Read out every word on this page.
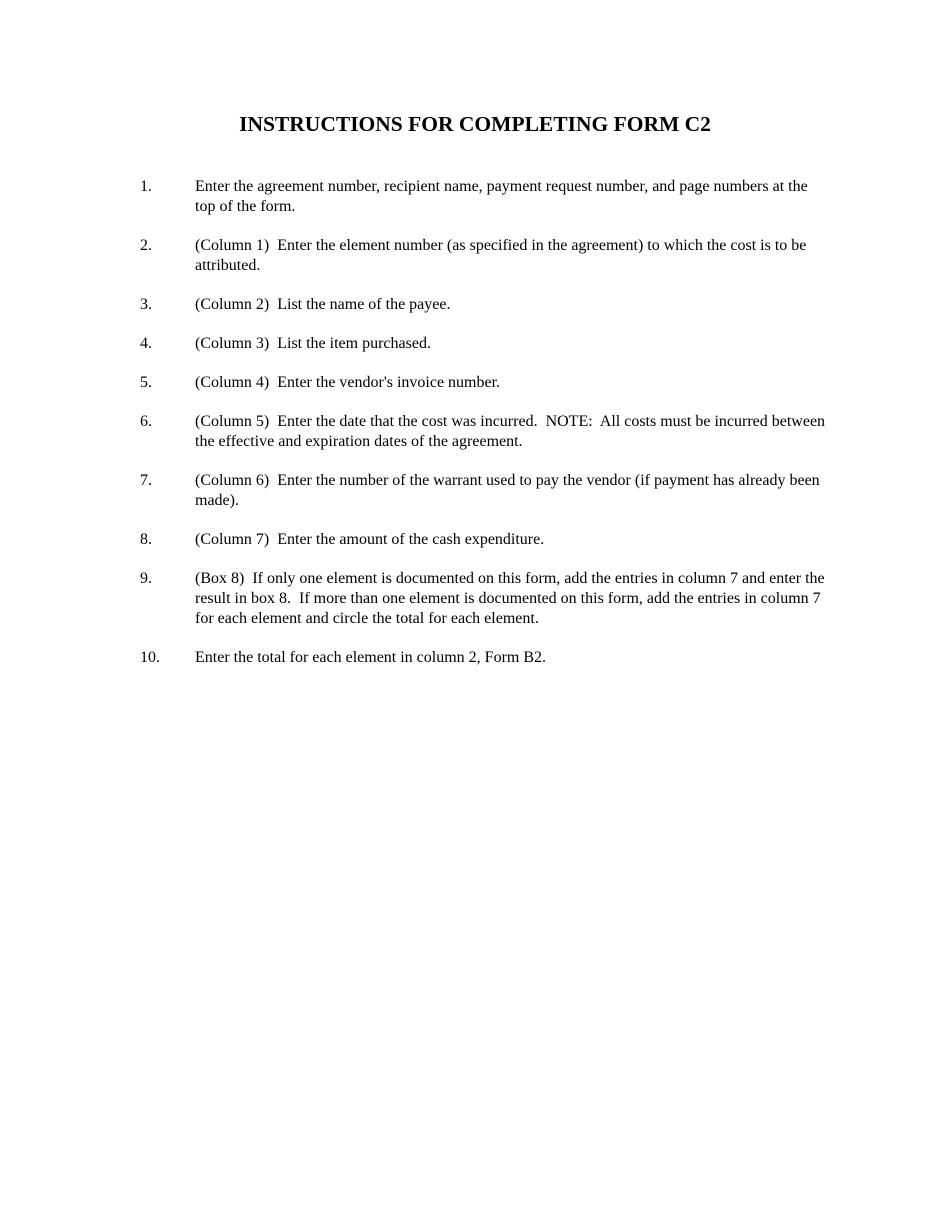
INSTRUCTIONS FOR COMPLETING FORM C2
1.	Enter the agreement number, recipient name, payment request number, and page numbers at the top of the form.
2.	(Column 1)  Enter the element number (as specified in the agreement) to which the cost is to be attributed.
3.	(Column 2)  List the name of the payee.
4.	(Column 3)  List the item purchased.
5.	(Column 4)  Enter the vendor's invoice number.
6.	(Column 5)  Enter the date that the cost was incurred.  NOTE:  All costs must be incurred between the effective and expiration dates of the agreement.
7.	(Column 6)  Enter the number of the warrant used to pay the vendor (if payment has already been made).
8.	(Column 7)  Enter the amount of the cash expenditure.
9.	(Box 8)  If only one element is documented on this form, add the entries in column 7 and enter the result in box 8.  If more than one element is documented on this form, add the entries in column 7 for each element and circle the total for each element.
10.	Enter the total for each element in column 2, Form B2.
